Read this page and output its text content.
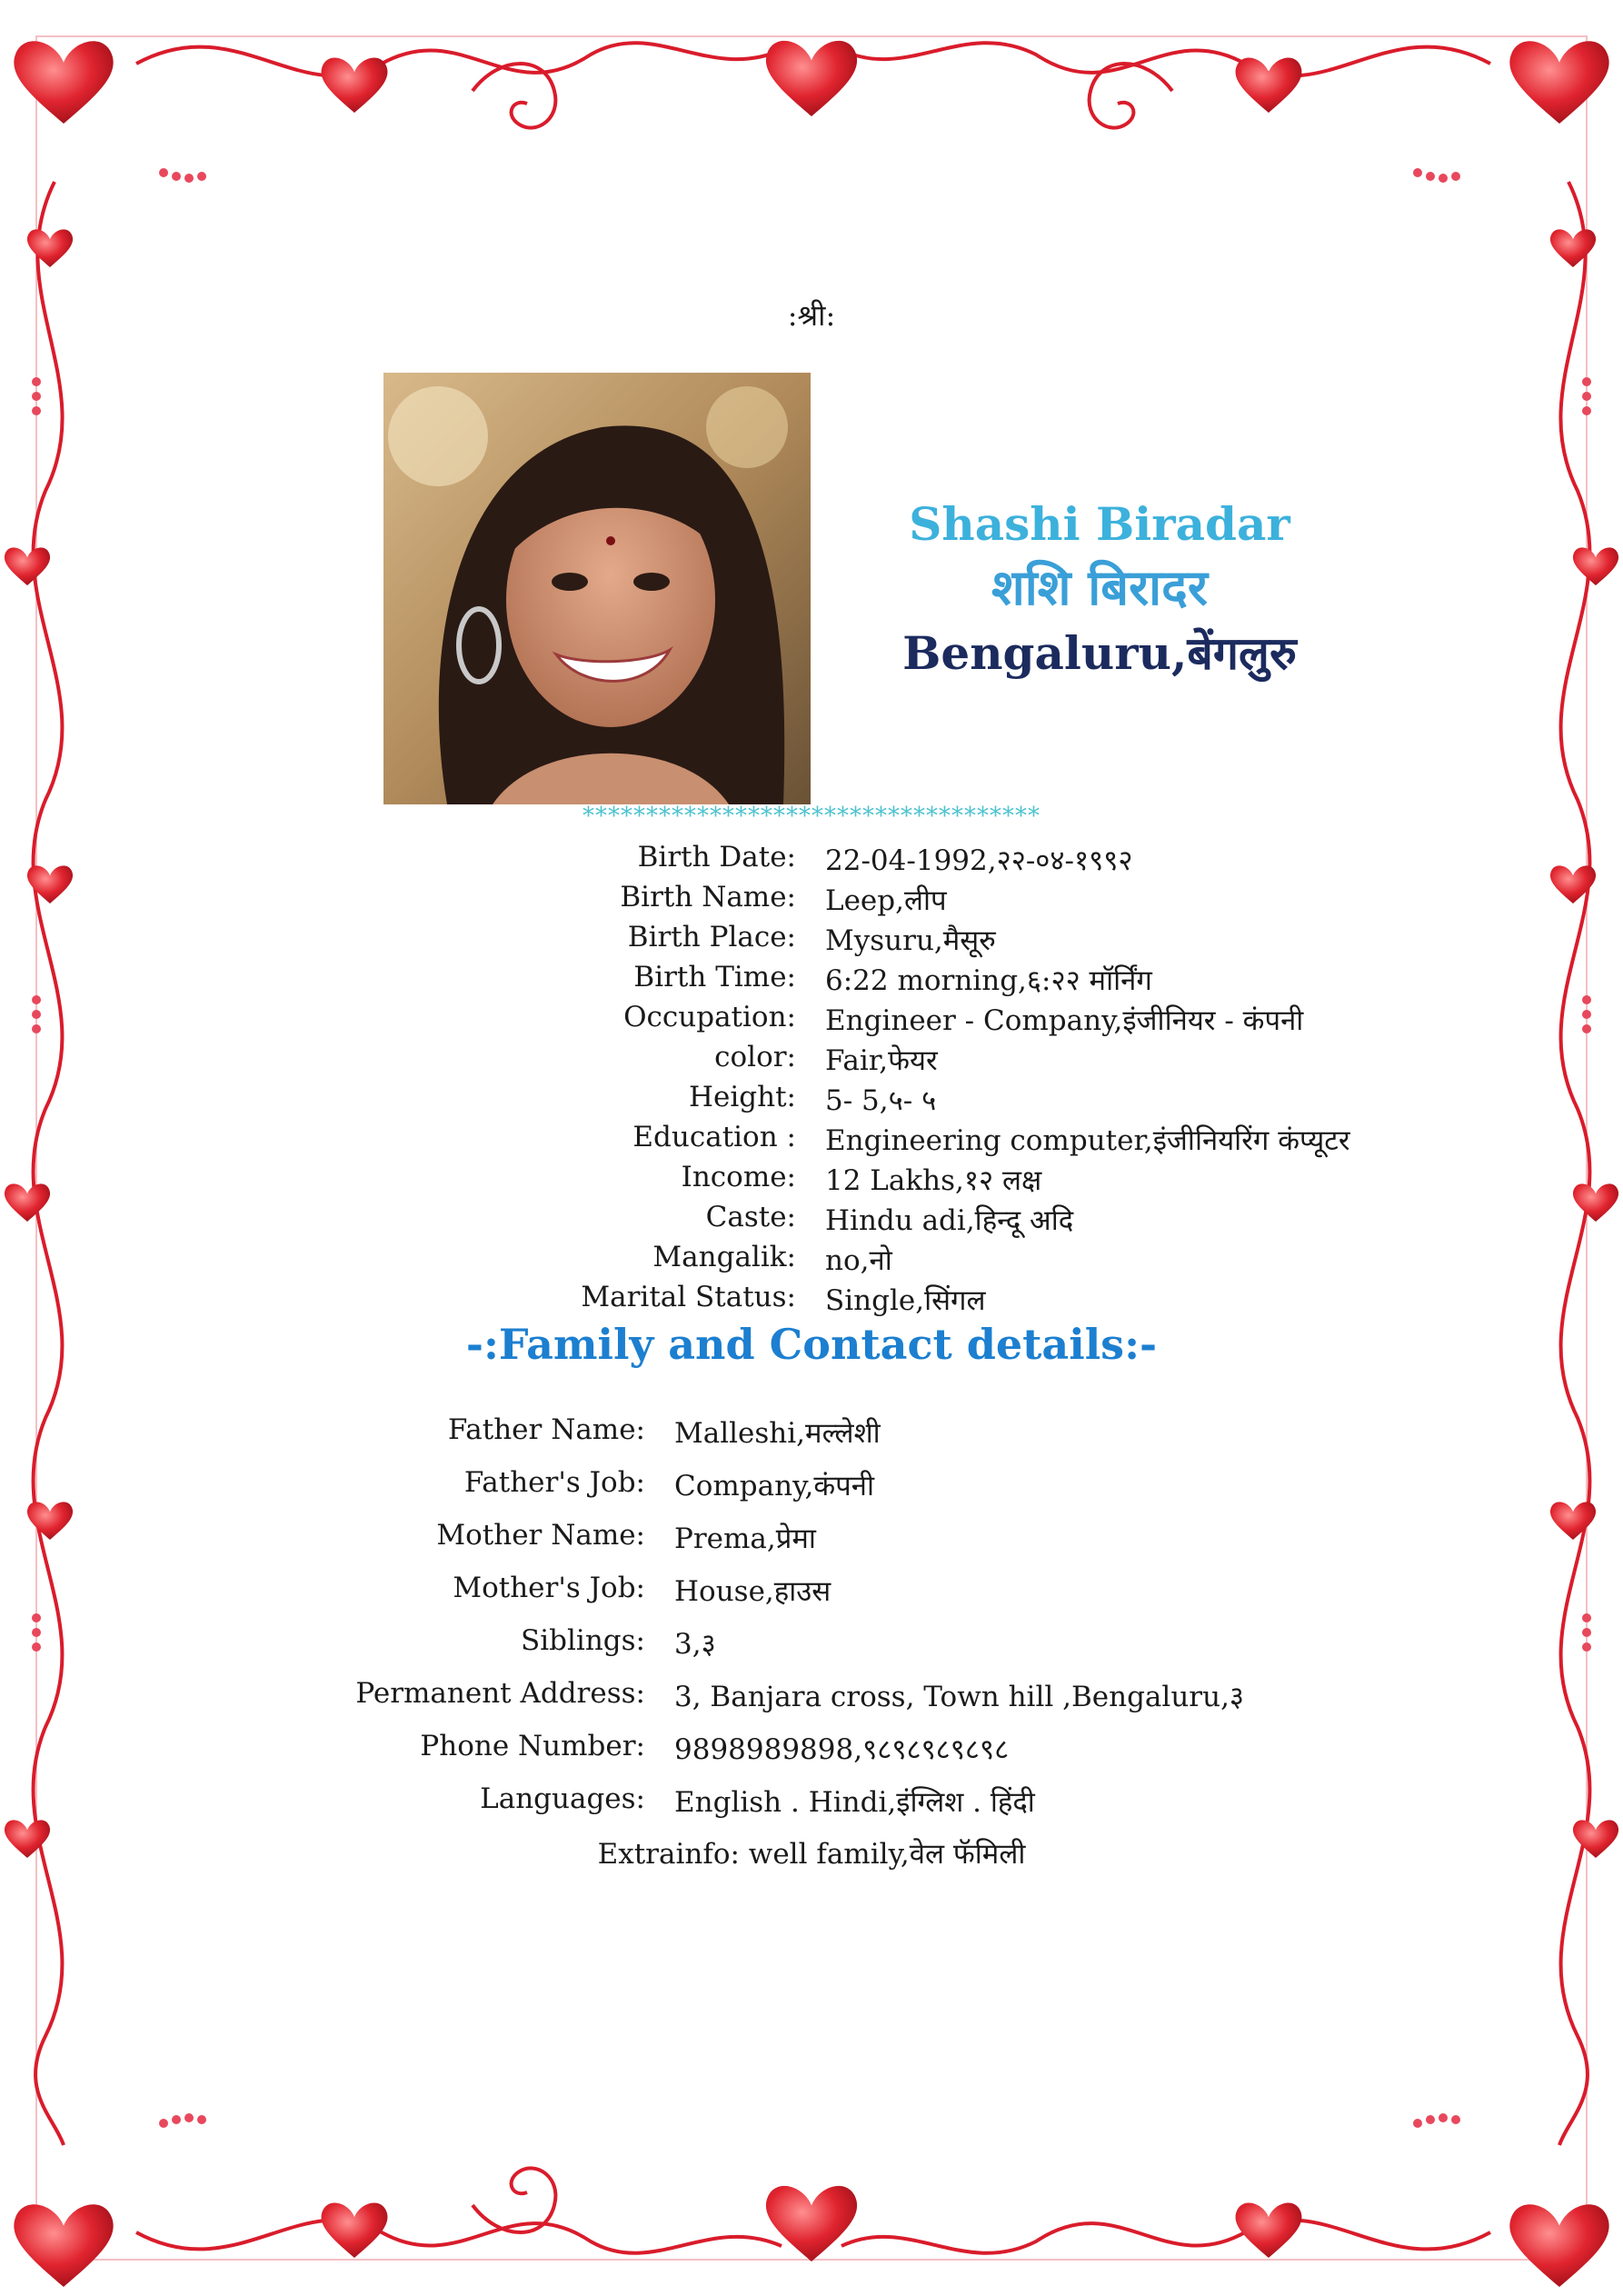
:श्री:
Shashi Biradar
शशि बिरादर
Bengaluru,बेंगलुरु
************************************
Birth Date: 22-04-1992,२२-०४-१९९२
Birth Name: Leep,लीप
Birth Place: Mysuru,मैसूरु
Birth Time: 6:22 morning,६:२२ मॉर्निंग
Occupation: Engineer - Company,इंजीनियर - कंपनी
color: Fair,फेयर
Height: 5- 5,५- ५
Education : Engineering computer,इंजीनियरिंग कंप्यूटर
Income: 12 Lakhs,१२ लक्ष
Caste: Hindu adi,हिन्दू अदि
Mangalik: no,नो
Marital Status: Single,सिंगल
-:Family and Contact details:-
Father Name: Malleshi,मल्लेशी
Father's Job: Company,कंपनी
Mother Name: Prema,प्रेमा
Mother's Job: House,हाउस
Siblings: 3,३
Permanent Address: 3, Banjara cross, Town hill ,Bengaluru,३
Phone Number: 9898989898,९८९८९८९८९८
Languages: English . Hindi,इंग्लिश . हिंदी
Extrainfo: well family,वेल फॅमिली
